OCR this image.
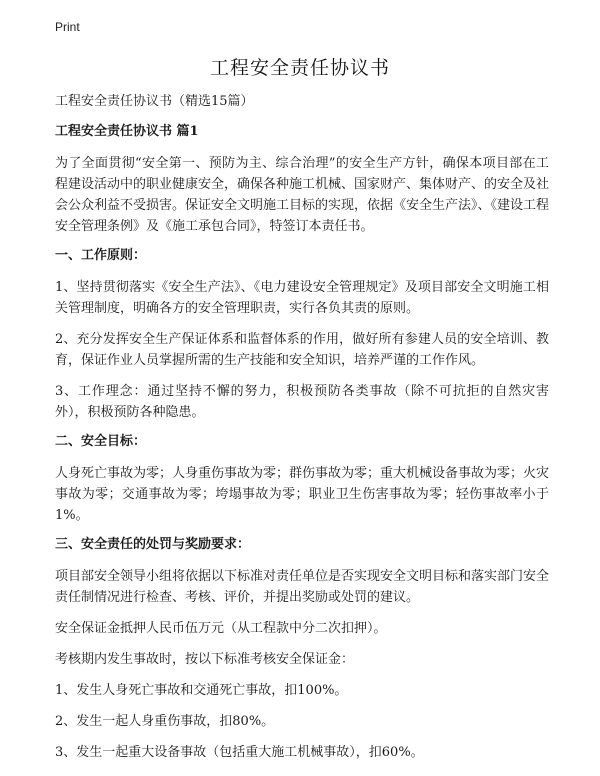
Print
工程安全责任协议书

工程安全责任协议书（精选15篇）

工程安全责任协议书 篇1

为了全面贯彻“安全第一、预防为主、综合治理”的安全生产方针，确保本项目部在工程建设活动中的职业健康安全，确保各种施工机械、国家财产、集体财产、的安全及社会公众利益不受损害。保证安全文明施工目标的实现，依据《安全生产法》、《建设工程安全管理条例》及《施工承包合同》，特签订本责任书。

一、工作原则：

1、坚持贯彻落实《安全生产法》、《电力建设安全管理规定》及项目部安全文明施工相关管理制度，明确各方的安全管理职责，实行各负其责的原则。

2、充分发挥安全生产保证体系和监督体系的作用，做好所有参建人员的安全培训、教育，保证作业人员掌握所需的生产技能和安全知识，培养严谨的工作作风。

3、工作理念：通过坚持不懈的努力，积极预防各类事故（除不可抗拒的自然灾害外），积极预防各种隐患。

二、安全目标：

人身死亡事故为零；人身重伤事故为零；群伤事故为零；重大机械设备事故为零；火灾事故为零；交通事故为零；垮塌事故为零；职业卫生伤害事故为零；轻伤事故率小于1%。

三、安全责任的处罚与奖励要求：

项目部安全领导小组将依据以下标准对责任单位是否实现安全文明目标和落实部门安全责任制情况进行检查、考核、评价，并提出奖励或处罚的建议。

安全保证金抵押人民币伍万元（从工程款中分二次扣押）。

考核期内发生事故时，按以下标准考核安全保证金：

1、发生人身死亡事故和交通死亡事故，扣100%。

2、发生一起人身重伤事故，扣80%。

3、发生一起重大设备事故（包括重大施工机械事故），扣60%。
